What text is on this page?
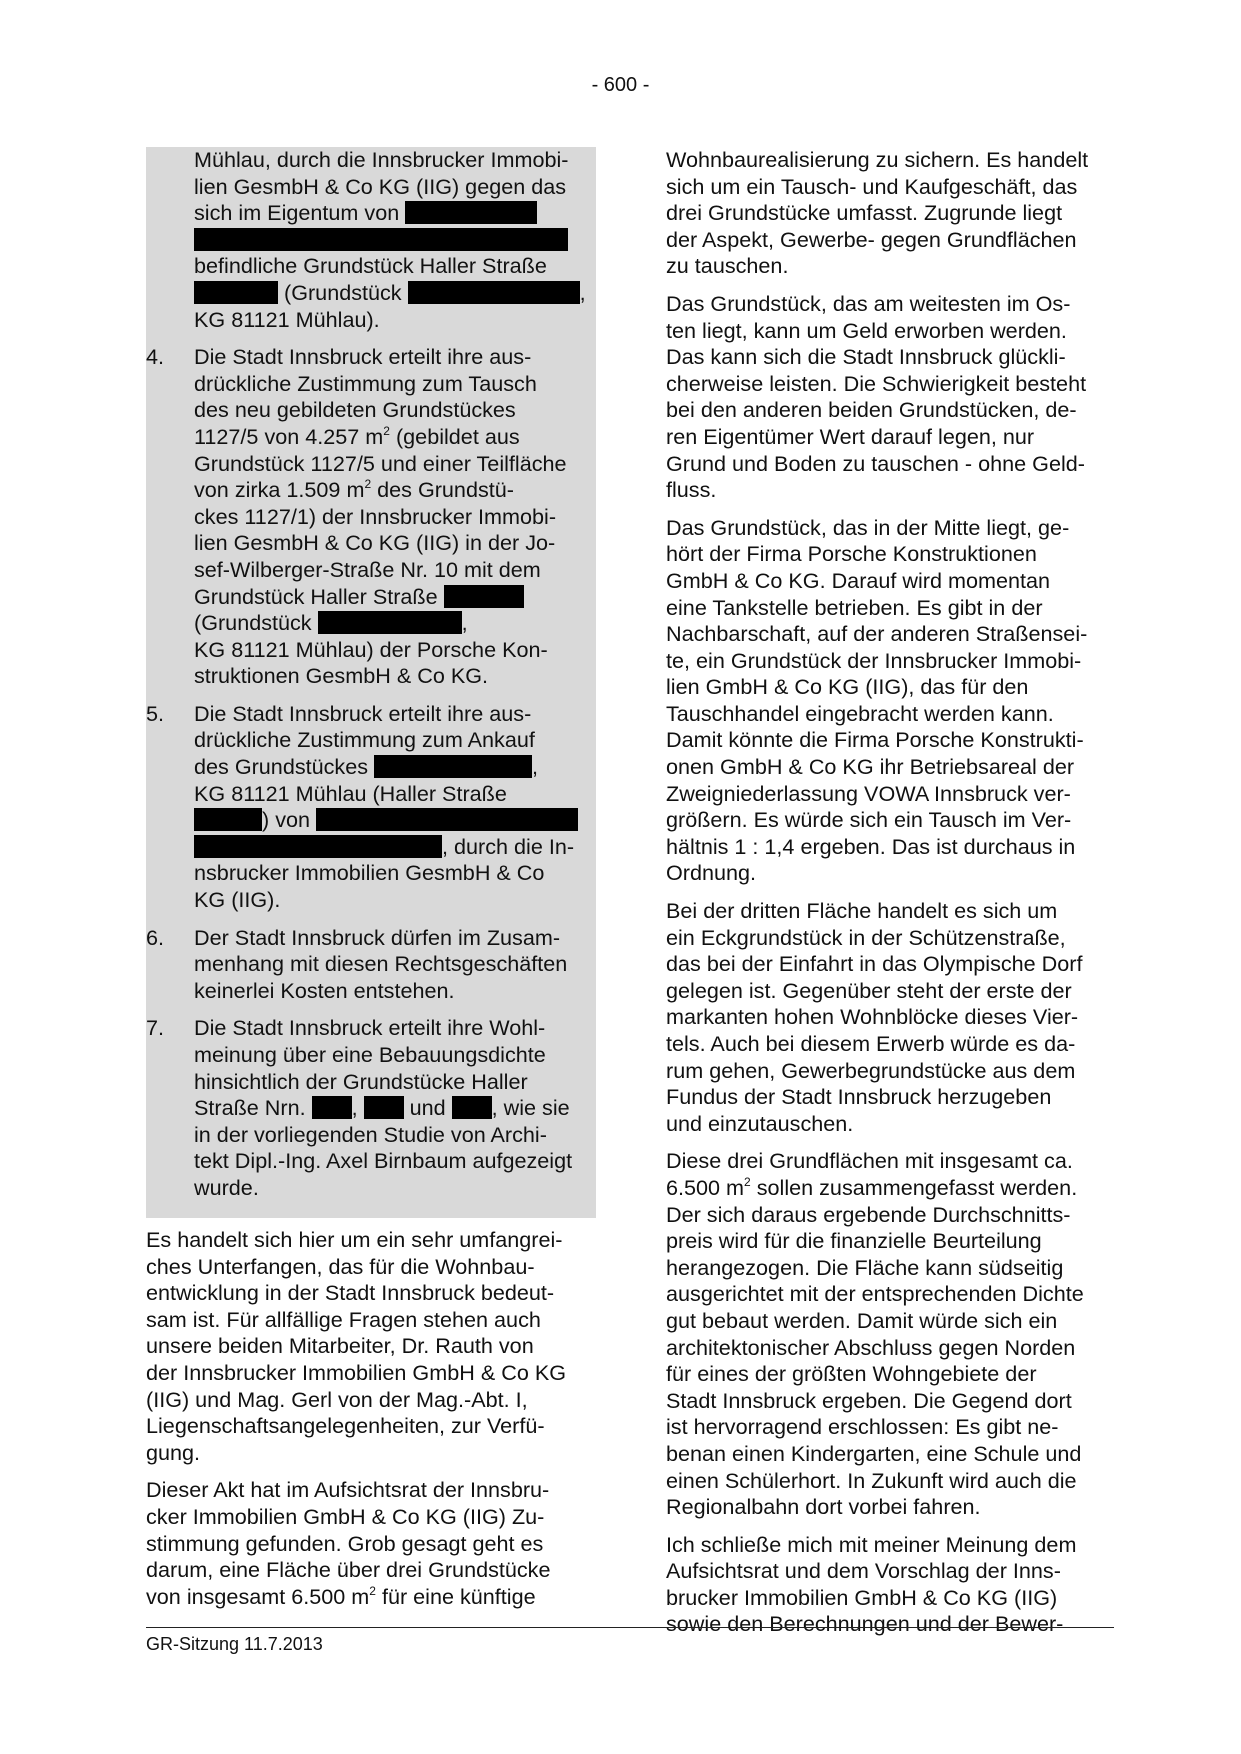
- 600 -
Mühlau, durch die Innsbrucker Immobi-
lien GesmbH & Co KG (IIG) gegen das
sich im Eigentum von
befindliche Grundstück Haller Straße
(Grundstück	,
KG 81121 Mühlau).
4. Die Stadt Innsbruck erteilt ihre aus-
drückliche Zustimmung zum Tausch
des neu gebildeten Grundstückes
1127/5 von 4.257 $m^2$ (gebildet aus
Grundstück 1127/5 und einer Teilfläche
von zirka 1.509 $m^2$ des Grundstü-
ckes 1127/1) der Innsbrucker Immobi-
lien GesmbH & Co KG (IIG) in der Jo-
sef-Wilberger-Straße Nr. 10 mit dem
Grundstück Haller Straße
(Grundstück	,
KG 81121 Mühlau) der Porsche Kon-
struktionen GesmbH & Co KG.
5. Die Stadt Innsbruck erteilt ihre aus-
drückliche Zustimmung zum Ankauf
des Grundstückes	,
KG 81121 Mühlau (Haller Straße
) von
, durch die In-
nsbrucker Immobilien GesmbH & Co
KG (IIG).
6. Der Stadt Innsbruck dürfen im Zusam-
menhang mit diesen Rechtsgeschäften
keinerlei Kosten entstehen.
7. Die Stadt Innsbruck erteilt ihre Wohl-
meinung über eine Bebauungsdichte
hinsichtlich der Grundstücke Haller
Straße Nrn. , und , wie sie
in der vorliegenden Studie von Archi-
tekt Dipl.-Ing. Axel Birnbaum aufgezeigt
wurde.
Es handelt sich hier um ein sehr umfangrei-
ches Unterfangen, das für die Wohnbau-
entwicklung in der Stadt Innsbruck bedeut-
sam ist. Für allfällige Fragen stehen auch
unsere beiden Mitarbeiter, Dr. Rauth von
der Innsbrucker Immobilien GmbH & Co KG
(IIG) und Mag. Gerl von der Mag.-Abt. I,
Liegenschaftsangelegenheiten, zur Verfü-
gung.
Dieser Akt hat im Aufsichtsrat der Innsbru-
cker Immobilien GmbH & Co KG (IIG) Zu-
stimmung gefunden. Grob gesagt geht es
darum, eine Fläche über drei Grundstücke
von insgesamt 6.500 $m^2$ für eine künftige
Wohnbaurealisierung zu sichern. Es handelt
sich um ein Tausch- und Kaufgeschäft, das
drei Grundstücke umfasst. Zugrunde liegt
der Aspekt, Gewerbe- gegen Grundflächen
zu tauschen.
Das Grundstück, das am weitesten im Os-
ten liegt, kann um Geld erworben werden.
Das kann sich die Stadt Innsbruck glückli-
cherweise leisten. Die Schwierigkeit besteht
bei den anderen beiden Grundstücken, de-
ren Eigentümer Wert darauf legen, nur
Grund und Boden zu tauschen - ohne Geld-
fluss.
Das Grundstück, das in der Mitte liegt, ge-
hört der Firma Porsche Konstruktionen
GmbH & Co KG. Darauf wird momentan
eine Tankstelle betrieben. Es gibt in der
Nachbarschaft, auf der anderen Straßensei-
te, ein Grundstück der Innsbrucker Immobi-
lien GmbH & Co KG (IIG), das für den
Tauschhandel eingebracht werden kann.
Damit könnte die Firma Porsche Konstrukti-
onen GmbH & Co KG ihr Betriebsareal der
Zweigniederlassung VOWA Innsbruck ver-
größern. Es würde sich ein Tausch im Ver-
hältnis 1 : 1,4 ergeben. Das ist durchaus in
Ordnung.
Bei der dritten Fläche handelt es sich um
ein Eckgrundstück in der Schützenstraße,
das bei der Einfahrt in das Olympische Dorf
gelegen ist. Gegenüber steht der erste der
markanten hohen Wohnblöcke dieses Vier-
tels. Auch bei diesem Erwerb würde es da-
rum gehen, Gewerbegrundstücke aus dem
Fundus der Stadt Innsbruck herzugeben
und einzutauschen.
Diese drei Grundflächen mit insgesamt ca.
6.500 $m^2$ sollen zusammengefasst werden.
Der sich daraus ergebende Durchschnitts-
preis wird für die finanzielle Beurteilung
herangezogen. Die Fläche kann südseitig
ausgerichtet mit der entsprechenden Dichte
gut bebaut werden. Damit würde sich ein
architektonischer Abschluss gegen Norden
für eines der größten Wohngebiete der
Stadt Innsbruck ergeben. Die Gegend dort
ist hervorragend erschlossen: Es gibt ne-
benan einen Kindergarten, eine Schule und
einen Schülerhort. In Zukunft wird auch die
Regionalbahn dort vorbei fahren.
Ich schließe mich mit meiner Meinung dem
Aufsichtsrat und dem Vorschlag der Inns-
brucker Immobilien GmbH & Co KG (IIG)
sowie den Berechnungen und der Bewer-
GR-Sitzung 11.7.2013
